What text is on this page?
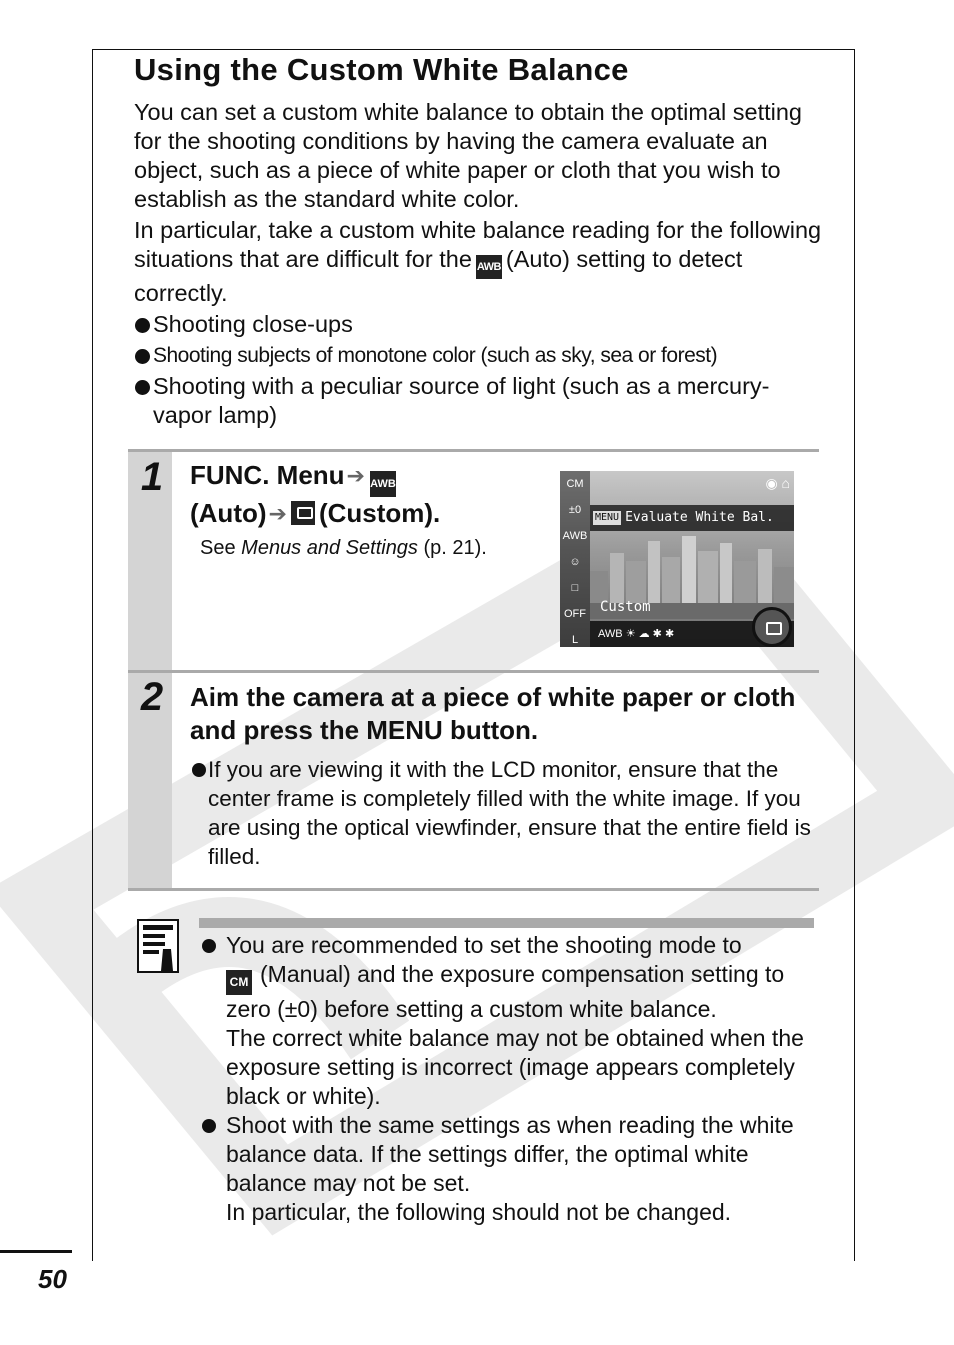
Using the Custom White Balance

You can set a custom white balance to obtain the optimal setting for the shooting conditions by having the camera evaluate an object, such as a piece of white paper or cloth that you wish to establish as the standard white color.

In particular, take a custom white balance reading for the following situations that are difficult for the AWB (Auto) setting to detect correctly.

Shooting close-ups
Shooting subjects of monotone color (such as sky, sea or forest)
Shooting with a peculiar source of light (such as a mercury-vapor lamp)
1 FUNC. Menu➔ AWB
(Auto)➔ (Custom).
See Menus and Settings (p. 21).
CM
±0
AWB
☺
□
OFF
L
◉ ⌂
MENU Evaluate White Bal.
Custom
AWB ☀ ☁ ✱ ✱
2 Aim the camera at a piece of white paper or cloth and press the MENU button.
If you are viewing it with the LCD monitor, ensure that the center frame is completely filled with the white image. If you are using the optical viewfinder, ensure that the entire field is filled.

You are recommended to set the shooting mode to
CM (Manual) and the exposure compensation setting to zero (±0) before setting a custom white balance.

The correct white balance may not be obtained when the exposure setting is incorrect (image appears completely black or white).

Shoot with the same settings as when reading the white balance data. If the settings differ, the optimal white balance may not be set.

In particular, the following should not be changed.

50
